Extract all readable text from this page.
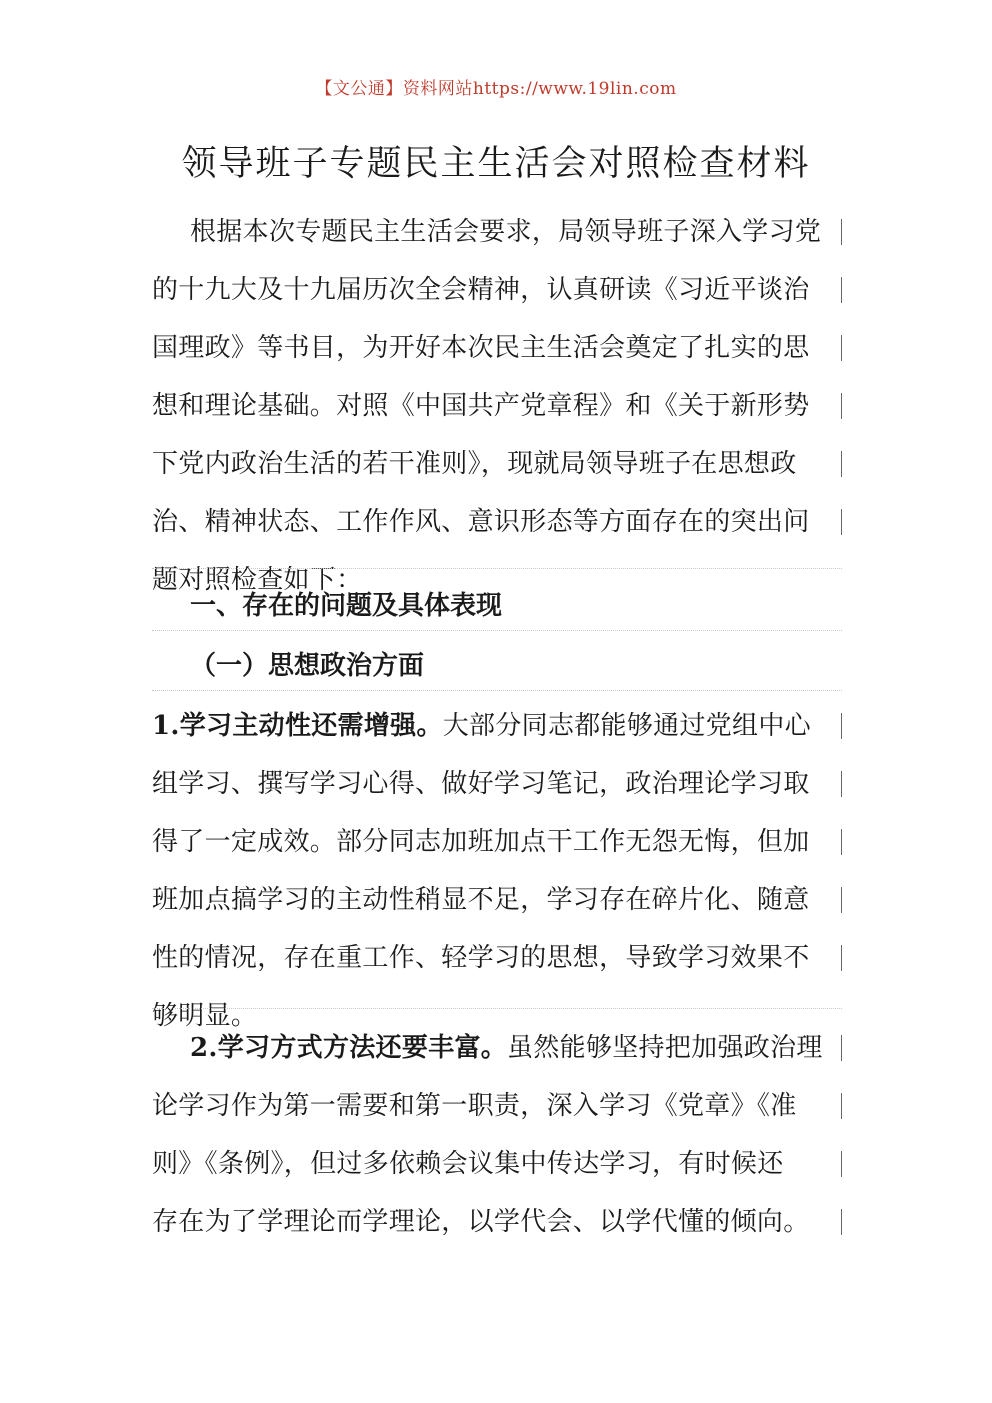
【文公通】资料网站https://www.19lin.com
领导班子专题民主生活会对照检查材料
根据本次专题民主生活会要求，局领导班子深入学习党
的十九大及十九届历次全会精神，认真研读《习近平谈治
国理政》等书目，为开好本次民主生活会奠定了扎实的思
想和理论基础。对照《中国共产党章程》和《关于新形势
下党内政治生活的若干准则》，现就局领导班子在思想政
治、精神状态、工作作风、意识形态等方面存在的突出问
题对照检查如下：
一、存在的问题及具体表现
（一）思想政治方面
1.学习主动性还需增强。大部分同志都能够通过党组中心
组学习、撰写学习心得、做好学习笔记，政治理论学习取
得了一定成效。部分同志加班加点干工作无怨无悔，但加
班加点搞学习的主动性稍显不足，学习存在碎片化、随意
性的情况，存在重工作、轻学习的思想，导致学习效果不
够明显。
2.学习方式方法还要丰富。虽然能够坚持把加强政治理
论学习作为第一需要和第一职责，深入学习《党章》《准
则》《条例》，但过多依赖会议集中传达学习，有时候还
存在为了学理论而学理论，以学代会、以学代懂的倾向。
